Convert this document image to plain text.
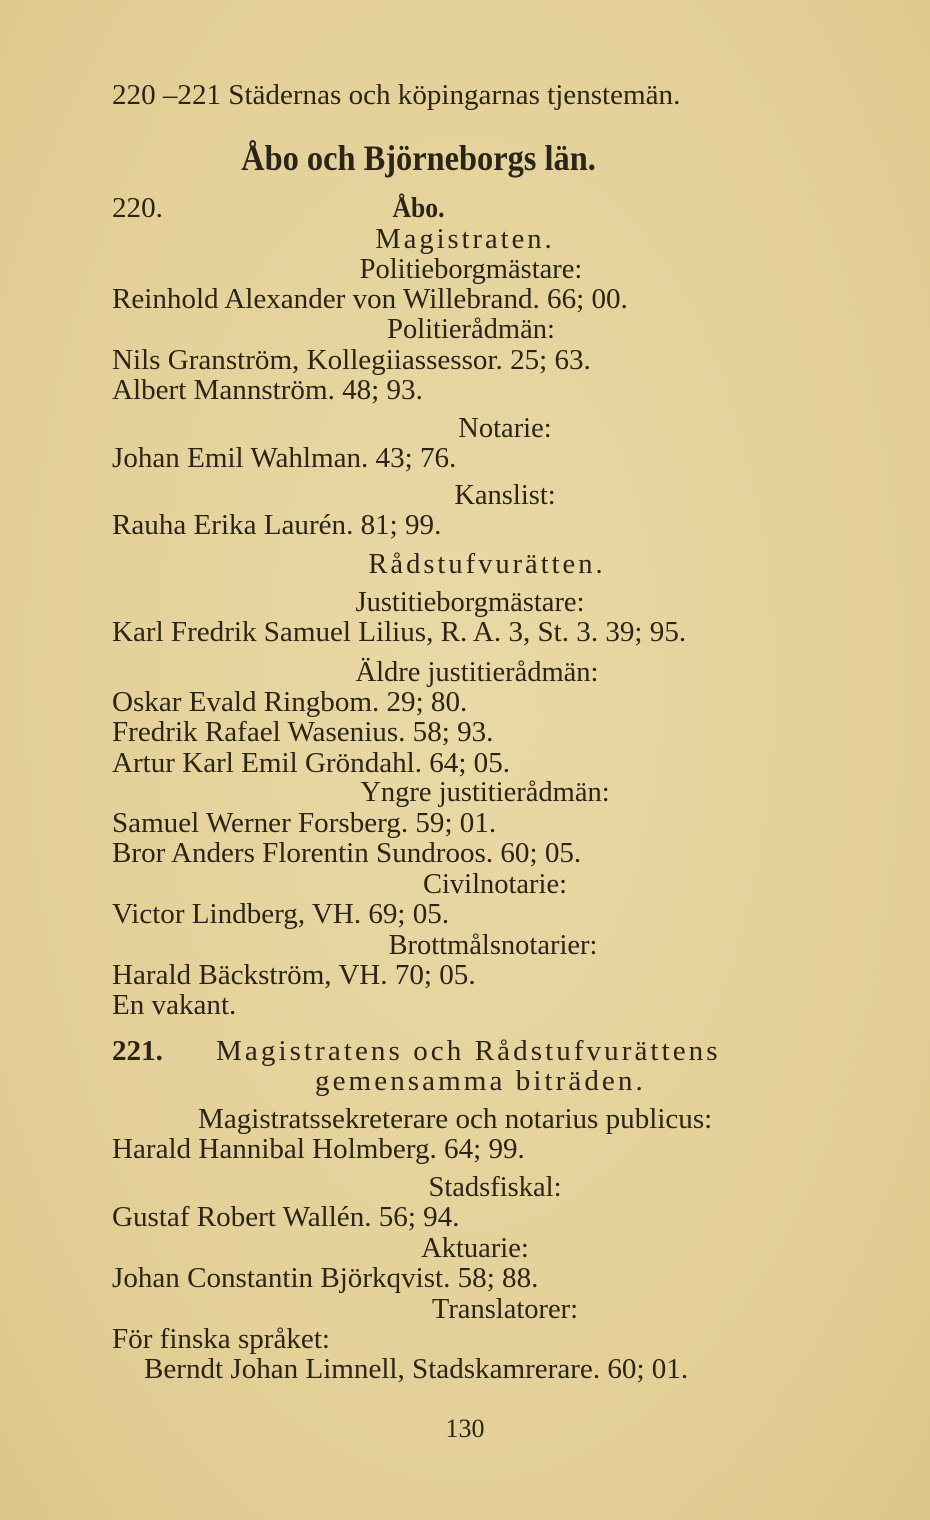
220 –221 Städernas och köpingarnas tjenstemän.
Åbo och Björneborgs län.
220.	Åbo.
Magistraten.
Politieborgmästare:
Reinhold Alexander von Willebrand. 66; 00.
Politierådmän:
Nils Granström, Kollegiiassessor. 25; 63.
Albert Mannström. 48; 93.
Notarie:
Johan Emil Wahlman. 43; 76.
Kanslist:
Rauha Erika Laurén. 81; 99.
Rådstufvurätten.
Justitieborgmästare:
Karl Fredrik Samuel Lilius, R. A. 3, St. 3. 39; 95.
Äldre justitierådmän:
Oskar Evald Ringbom. 29; 80.
Fredrik Rafael Wasenius. 58; 93.
Artur Karl Emil Gröndahl. 64; 05.
Yngre justitierådmän:
Samuel Werner Forsberg. 59; 01.
Bror Anders Florentin Sundroos. 60; 05.
Civilnotarie:
Victor Lindberg, VH. 69; 05.
Brottmålsnotarier:
Harald Bäckström, VH. 70; 05.
En vakant.
221. Magistratens och Rådstufvurättens
gemensamma biträden.
Magistratssekreterare och notarius publicus:
Harald Hannibal Holmberg. 64; 99.
Stadsfiskal:
Gustaf Robert Wallén. 56; 94.
Aktuarie:
Johan Constantin Björkqvist. 58; 88.
Translatorer:
För finska språket:
Berndt Johan Limnell, Stadskamrerare. 60; 01.
130
